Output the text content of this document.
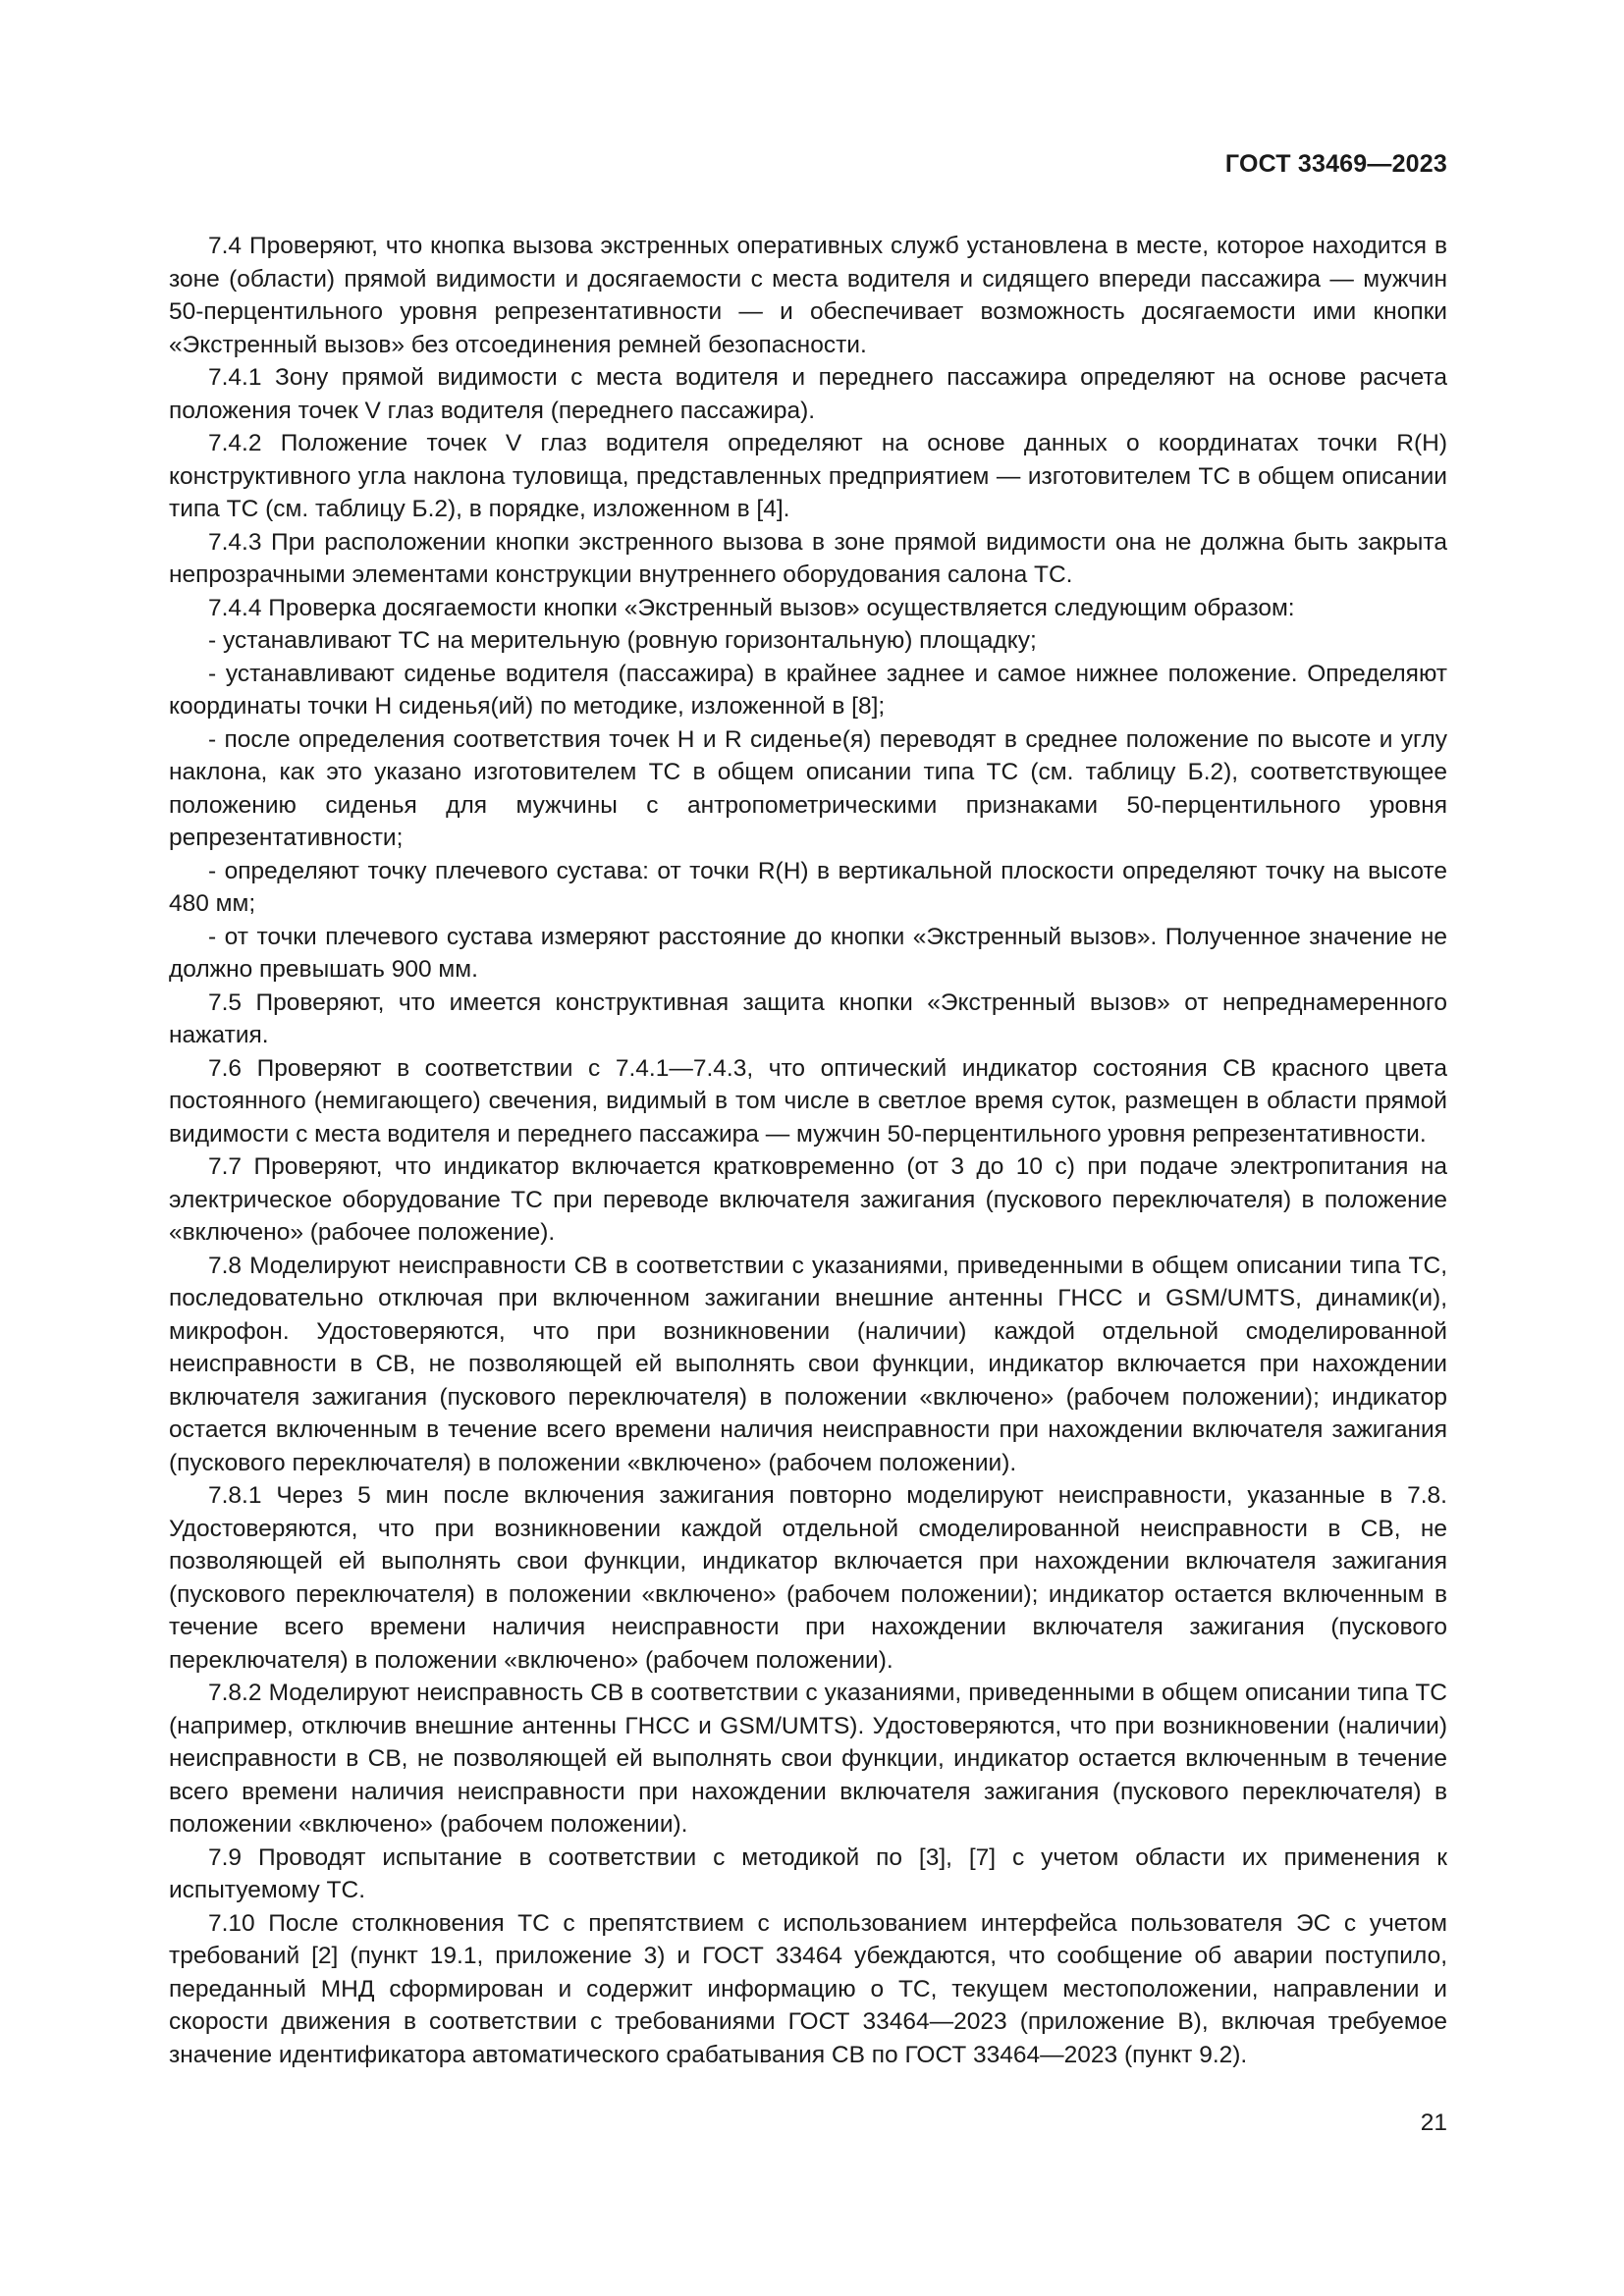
ГОСТ 33469—2023

7.4 Проверяют, что кнопка вызова экстренных оперативных служб установлена в месте, которое находится в зоне (области) прямой видимости и досягаемости с места водителя и сидящего впереди пассажира — мужчин 50-перцентильного уровня репрезентативности — и обеспечивает возможность досягаемости ими кнопки «Экстренный вызов» без отсоединения ремней безопасности.

7.4.1 Зону прямой видимости с места водителя и переднего пассажира определяют на основе расчета положения точек V глаз водителя (переднего пассажира).

7.4.2 Положение точек V глаз водителя определяют на основе данных о координатах точки R(H) конструктивного угла наклона туловища, представленных предприятием — изготовителем ТС в общем описании типа ТС (см. таблицу Б.2), в порядке, изложенном в [4].

7.4.3 При расположении кнопки экстренного вызова в зоне прямой видимости она не должна быть закрыта непрозрачными элементами конструкции внутреннего оборудования салона ТС.

7.4.4 Проверка досягаемости кнопки «Экстренный вызов» осуществляется следующим образом:

- устанавливают ТС на мерительную (ровную горизонтальную) площадку;

- устанавливают сиденье водителя (пассажира) в крайнее заднее и самое нижнее положение. Определяют координаты точки H сиденья(ий) по методике, изложенной в [8];

- после определения соответствия точек H и R сиденье(я) переводят в среднее положение по высоте и углу наклона, как это указано изготовителем ТС в общем описании типа ТС (см. таблицу Б.2), соответствующее положению сиденья для мужчины с антропометрическими признаками 50-перцентильного уровня репрезентативности;

- определяют точку плечевого сустава: от точки R(H) в вертикальной плоскости определяют точку на высоте 480 мм;

- от точки плечевого сустава измеряют расстояние до кнопки «Экстренный вызов». Полученное значение не должно превышать 900 мм.

7.5 Проверяют, что имеется конструктивная защита кнопки «Экстренный вызов» от непреднамеренного нажатия.

7.6 Проверяют в соответствии с 7.4.1—7.4.3, что оптический индикатор состояния СВ красного цвета постоянного (немигающего) свечения, видимый в том числе в светлое время суток, размещен в области прямой видимости с места водителя и переднего пассажира — мужчин 50-перцентильного уровня репрезентативности.

7.7 Проверяют, что индикатор включается кратковременно (от 3 до 10 с) при подаче электропитания на электрическое оборудование ТС при переводе включателя зажигания (пускового переключателя) в положение «включено» (рабочее положение).

7.8 Моделируют неисправности СВ в соответствии с указаниями, приведенными в общем описании типа ТС, последовательно отключая при включенном зажигании внешние антенны ГНСС и GSM/UMTS, динамик(и), микрофон. Удостоверяются, что при возникновении (наличии) каждой отдельной смоделированной неисправности в СВ, не позволяющей ей выполнять свои функции, индикатор включается при нахождении включателя зажигания (пускового переключателя) в положении «включено» (рабочем положении); индикатор остается включенным в течение всего времени наличия неисправности при нахождении включателя зажигания (пускового переключателя) в положении «включено» (рабочем положении).

7.8.1 Через 5 мин после включения зажигания повторно моделируют неисправности, указанные в 7.8. Удостоверяются, что при возникновении каждой отдельной смоделированной неисправности в СВ, не позволяющей ей выполнять свои функции, индикатор включается при нахождении включателя зажигания (пускового переключателя) в положении «включено» (рабочем положении); индикатор остается включенным в течение всего времени наличия неисправности при нахождении включателя зажигания (пускового переключателя) в положении «включено» (рабочем положении).

7.8.2 Моделируют неисправность СВ в соответствии с указаниями, приведенными в общем описании типа ТС (например, отключив внешние антенны ГНСС и GSM/UMTS). Удостоверяются, что при возникновении (наличии) неисправности в СВ, не позволяющей ей выполнять свои функции, индикатор остается включенным в течение всего времени наличия неисправности при нахождении включателя зажигания (пускового переключателя) в положении «включено» (рабочем положении).

7.9 Проводят испытание в соответствии с методикой по [3], [7] с учетом области их применения к испытуемому ТС.

7.10 После столкновения ТС с препятствием с использованием интерфейса пользователя ЭС с учетом требований [2] (пункт 19.1, приложение 3) и ГОСТ 33464 убеждаются, что сообщение об аварии поступило, переданный МНД сформирован и содержит информацию о ТС, текущем местоположении, направлении и скорости движения в соответствии с требованиями ГОСТ 33464—2023 (приложение В), включая требуемое значение идентификатора автоматического срабатывания СВ по ГОСТ 33464—2023 (пункт 9.2).

21
